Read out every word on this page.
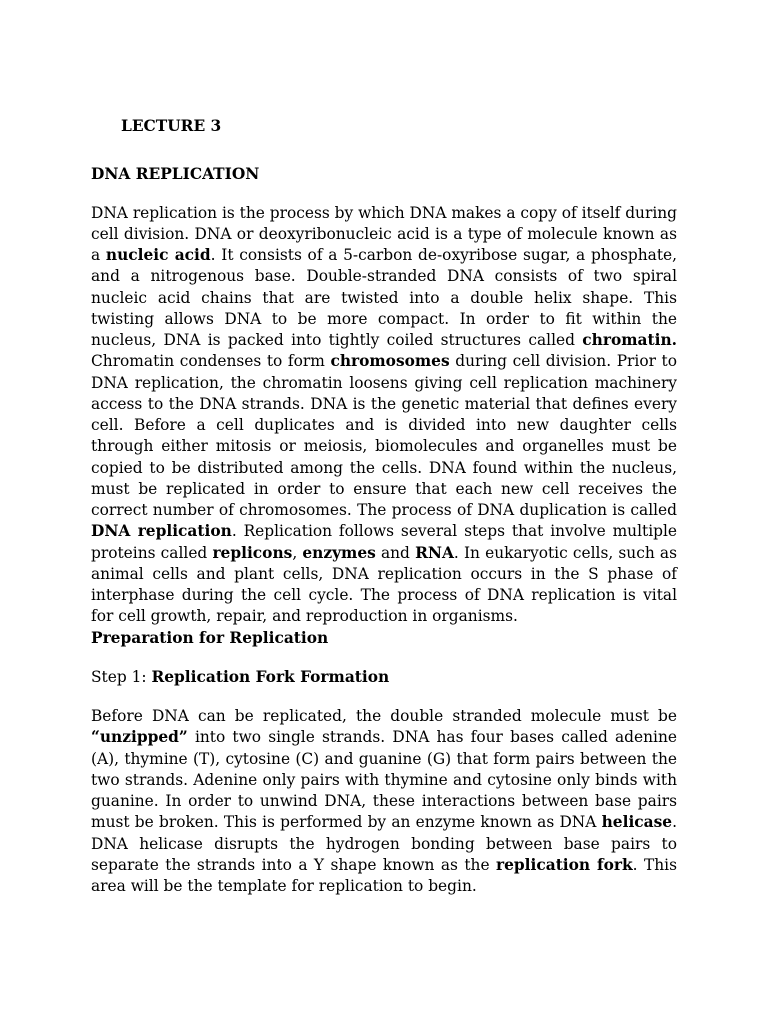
LECTURE 3
DNA REPLICATION

DNA replication is the process by which DNA makes a copy of itself during cell division. DNA or deoxyribonucleic acid is a type of molecule known as a nucleic acid. It consists of a 5-carbon de-oxyribose sugar, a phosphate, and a nitrogenous base. Double-stranded DNA consists of two spiral nucleic acid chains that are twisted into a double helix shape. This twisting allows DNA to be more compact. In order to fit within the nucleus, DNA is packed into tightly coiled structures called chromatin. Chromatin condenses to form chromosomes during cell division. Prior to DNA replication, the chromatin loosens giving cell replication machinery access to the DNA strands. DNA is the genetic material that defines every cell. Before a cell duplicates and is divided into new daughter cells through either mitosis or meiosis, biomolecules and organelles must be copied to be distributed among the cells. DNA found within the nucleus, must be replicated in order to ensure that each new cell receives the correct number of chromosomes. The process of DNA duplication is called DNA replication. Replication follows several steps that involve multiple proteins called replicons, enzymes and RNA. In eukaryotic cells, such as animal cells and plant cells, DNA replication occurs in the S phase of interphase during the cell cycle. The process of DNA replication is vital for cell growth, repair, and reproduction in organisms.

Preparation for Replication
Step 1: Replication Fork Formation

Before DNA can be replicated, the double stranded molecule must be “unzipped” into two single strands. DNA has four bases called adenine (A), thymine (T), cytosine (C) and guanine (G) that form pairs between the two strands. Adenine only pairs with thymine and cytosine only binds with guanine. In order to unwind DNA, these interactions between base pairs must be broken. This is performed by an enzyme known as DNA helicase. DNA helicase disrupts the hydrogen bonding between base pairs to separate the strands into a Y shape known as the replication fork. This area will be the template for replication to begin.
